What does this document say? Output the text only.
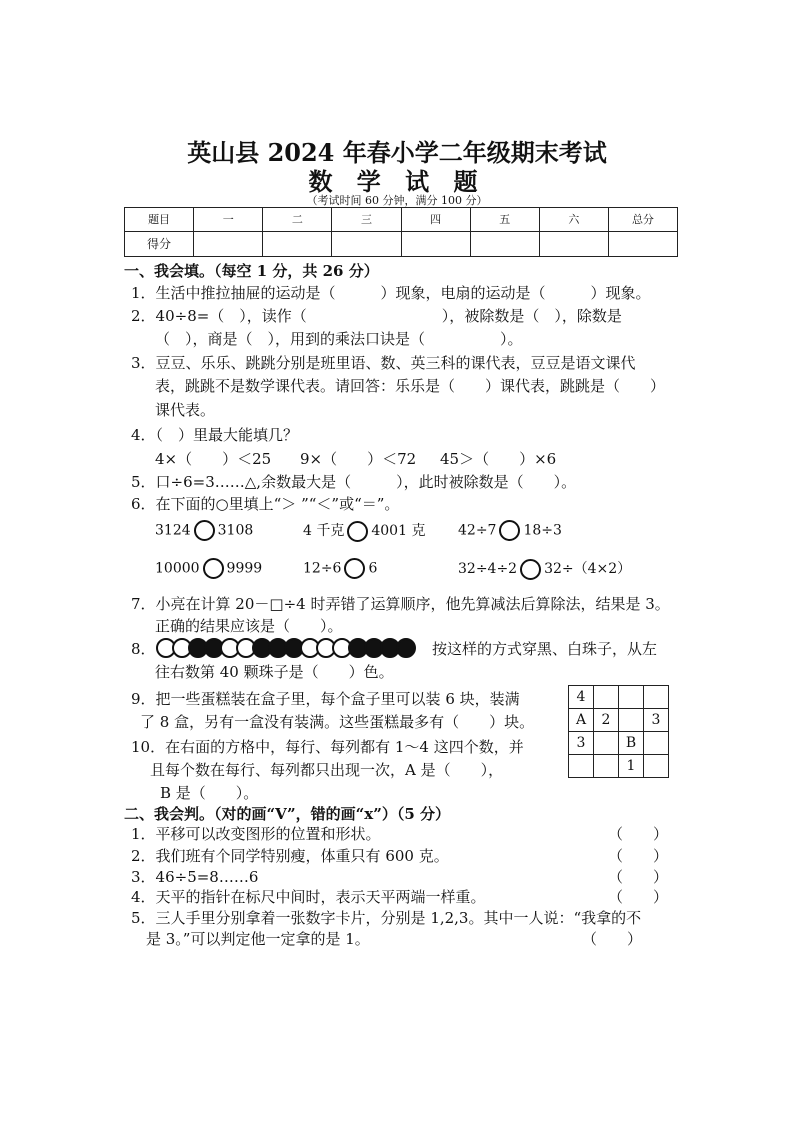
英山县 2024 年春小学二年级期末考试
数 学 试 题
（考试时间 60 分钟，满分 100 分）
题目	一	二	三	四	五	六	总分
得分							
一、我会填。（每空 1 分，共 26 分）
1．生活中推拉抽屉的运动是（　　　）现象，电扇的运动是（　　　）现象。
2．40÷8=（　），读作（　　　　　　　　　），被除数是（　），除数是
（　），商是（　），用到的乘法口诀是（　　　　　）。
3．豆豆、乐乐、跳跳分别是班里语、数、英三科的课代表，豆豆是语文课代
表，跳跳不是数学课代表。请回答：乐乐是（　　）课代表，跳跳是（　　）
课代表。
4．（　）里最大能填几？
4×（　　）＜25 9×（　　）＜72 45＞（　　）×6
5．口÷6=3……△,余数最大是（　　　），此时被除数是（　　）。
6．在下面的○里填上“＞ ”“＜”或“＝”。
3124 3108	4 千克 4001 克 42÷7 18÷3
10000 9999	12÷6 6	32÷4÷2 32÷（4×2）
7．小亮在计算 20－□÷4 时弄错了运算顺序，他先算减法后算除法，结果是 3。
正确的结果应该是（　　）。
8．	按这样的方式穿黑、白珠子，从左
往右数第 40 颗珠子是（　　）色。
9．把一些蛋糕装在盒子里，每个盒子里可以装 6 块，装满
了 8 盒，另有一盒没有装满。这些蛋糕最多有（　　）块。
10．在右面的方格中，每行、每列都有 1～4 这四个数，并
且每个数在每行、每列都只出现一次，A 是（　　），
B 是（　　）。
4			
A	2		3
3		B	
		1	
二、我会判。（对的画“V”，错的画“x”）（5 分）
1．平移可以改变图形的位置和形状。	（　　）
2．我们班有个同学特别瘦，体重只有 600 克。	（　　）
3．46÷5=8……6	（　　）
4．天平的指针在标尺中间时，表示天平两端一样重。	（　　）
5．三人手里分别拿着一张数字卡片，分别是 1,2,3。其中一人说：“我拿的不
是 3。”可以判定他一定拿的是 1。	（　　）
